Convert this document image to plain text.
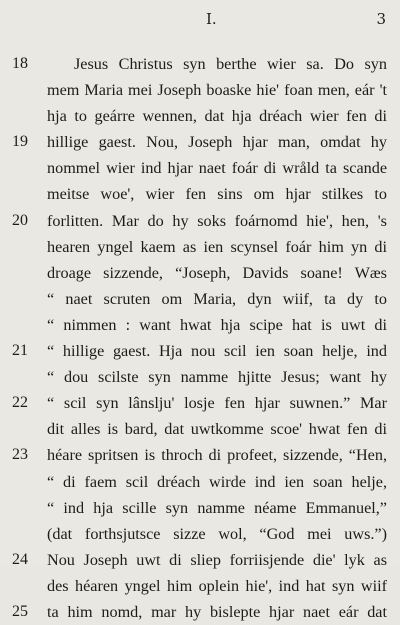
I.	3
18	Jesus Christus syn berthe wier sa. Do syn
mem Maria mei Joseph boaske hie' foan men, eár 't
hja to geárre wennen, dat hja dréach wier fen di
19	hillige gaest. Nou, Joseph hjar man, omdat hy
nommel wier ind hjar naet foár di wråld ta scande
meitse woe', wier fen sins om hjar stilkes to
20	forlitten. Mar do hy soks foárnomd hie', hen, 's
hearen yngel kaem as ien scynsel foár him yn di
droage sizzende, “Joseph, Davids soane! Wæs
“ naet scruten om Maria, dyn wiif, ta dy to
“ nimmen : want hwat hja scipe hat is uwt di
21	“ hillige gaest. Hja nou scil ien soan helje, ind
“ dou scilste syn namme hjitte Jesus; want hy
22	“ scil syn lânslju' losje fen hjar suwnen.” Mar
dit alles is bard, dat uwtkomme scoe' hwat fen di
23	héare spritsen is throch di profeet, sizzende, “Hen,
“ di faem scil dréach wirde ind ien soan helje,
“ ind hja scille syn namme néame Emmanuel,”
(dat forthsjutsce sizze wol, “God mei uws.”)
24	Nou Joseph uwt di sliep forriisjende die' lyk as
des héaren yngel him oplein hie', ind hat syn wiif
25	ta him nomd, mar hy bislepte hjar naet eár dat
